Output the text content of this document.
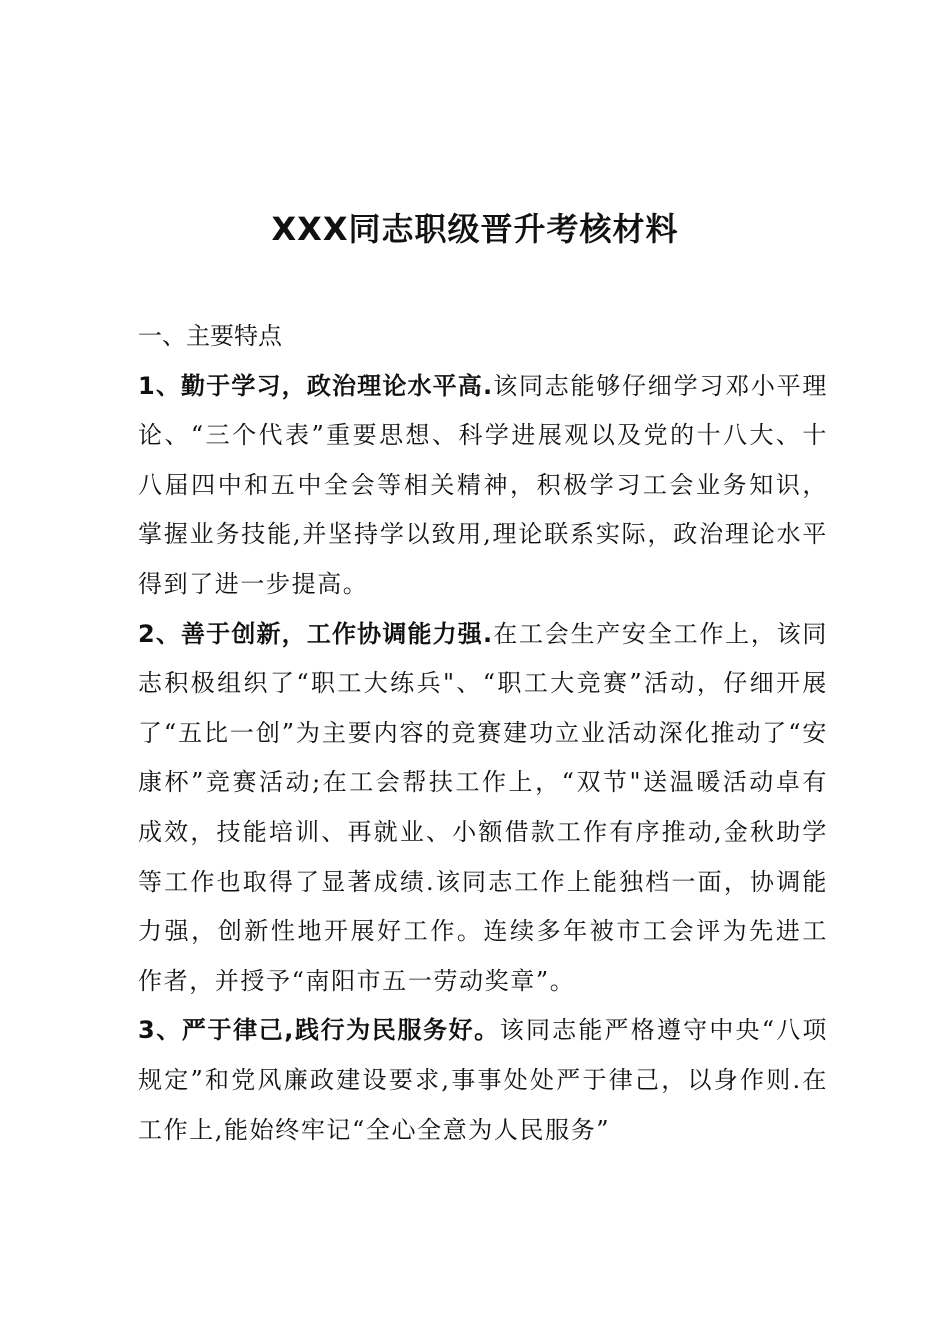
XXX同志职级晋升考核材料

一、主要特点

1、勤于学习，政治理论水平高.该同志能够仔细学习邓小平理论、“三个代表”重要思想、科学进展观以及党的十八大、十八届四中和五中全会等相关精神，积极学习工会业务知识，掌握业务技能,并坚持学以致用,理论联系实际，政治理论水平得到了进一步提高。

2、善于创新，工作协调能力强.在工会生产安全工作上，该同志积极组织了“职工大练兵"、“职工大竞赛”活动，仔细开展了“五比一创”为主要内容的竞赛建功立业活动深化推动了“安康杯”竞赛活动;在工会帮扶工作上，“双节"送温暖活动卓有成效，技能培训、再就业、小额借款工作有序推动,金秋助学等工作也取得了显著成绩.该同志工作上能独档一面，协调能力强，创新性地开展好工作。连续多年被市工会评为先进工作者，并授予“南阳市五一劳动奖章”。

3、严于律己,践行为民服务好。该同志能严格遵守中央“八项规定”和党风廉政建设要求,事事处处严于律己，以身作则.在工作上,能始终牢记“全心全意为人民服务”
